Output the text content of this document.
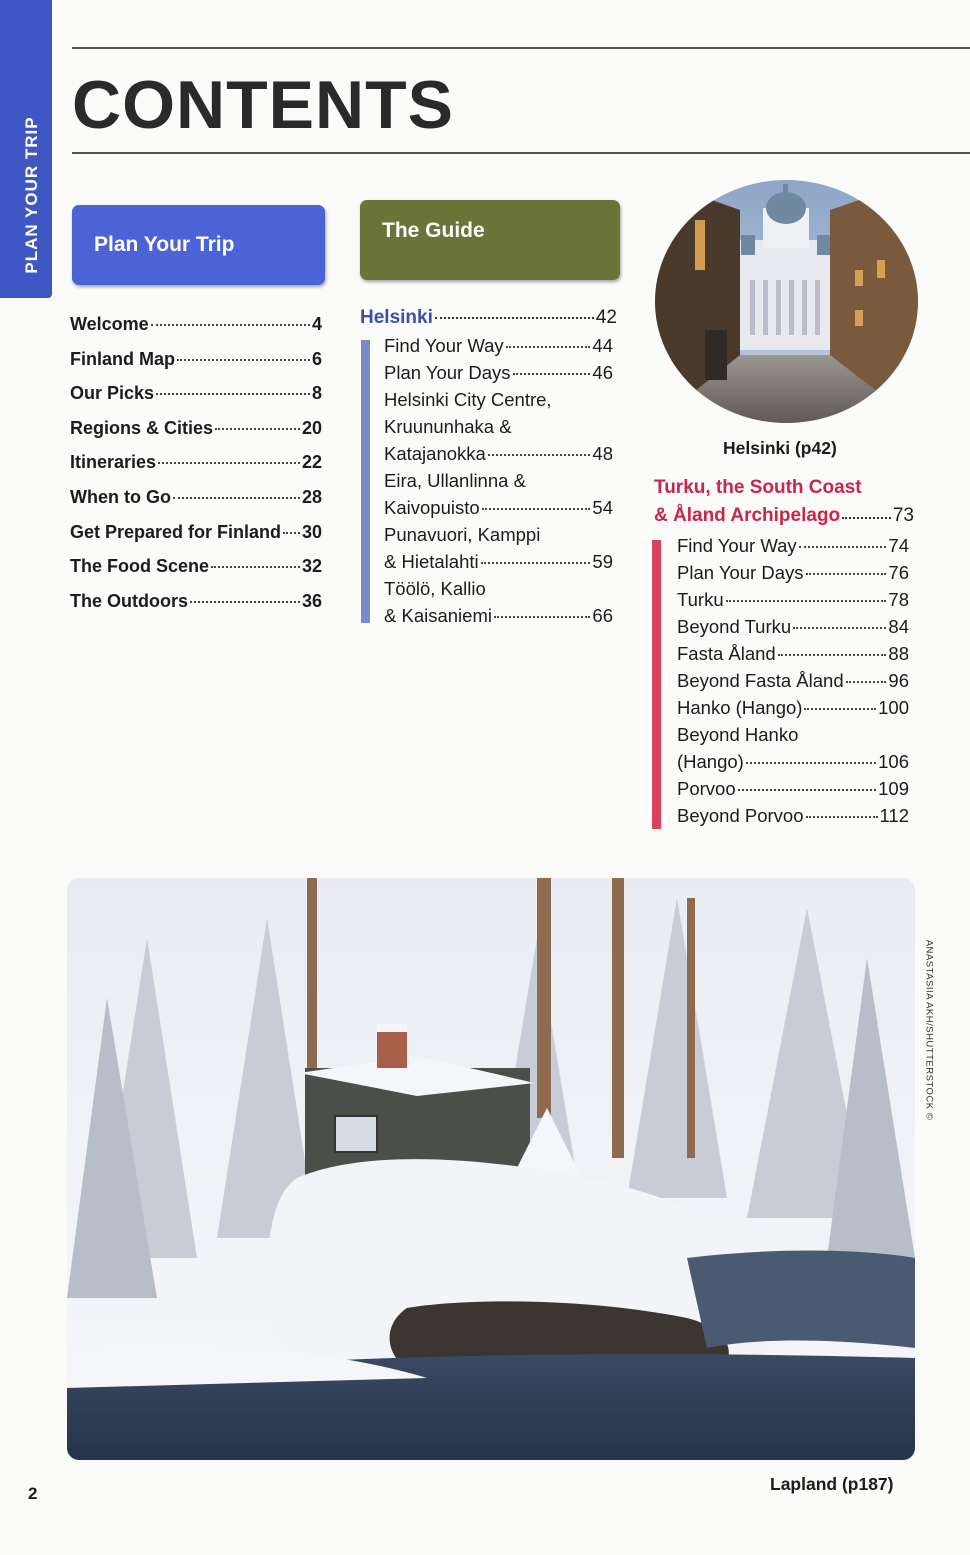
PLAN YOUR TRIP
CONTENTS
Plan Your Trip
The Guide
Welcome	4
Finland Map	6
Our Picks	8
Regions & Cities	20
Itineraries	22
When to Go	28
Get Prepared for Finland 30
The Food Scene	32
The Outdoors	36
Helsinki	42
Find Your Way	44
Plan Your Days	46
Helsinki City Centre,
Kruununhaka &
Katajanokka	48
Eira, Ullanlinna &
Kaivopuisto	54
Punavuori, Kamppi
& Hietalahti	59
Töölö, Kallio
& Kaisaniemi	66
Helsinki (p42)
Turku, the South Coast
& Åland Archipelago	73
Find Your Way	74
Plan Your Days	76
Turku	78
Beyond Turku	84
Fasta Åland	88
Beyond Fasta Åland 96
Hanko (Hango)	100
Beyond Hanko
(Hango)	106
Porvoo	109
Beyond Porvoo	112
ANASTASIIA AKH/SHUTTERSTOCK ©
Lapland (p187)
2
